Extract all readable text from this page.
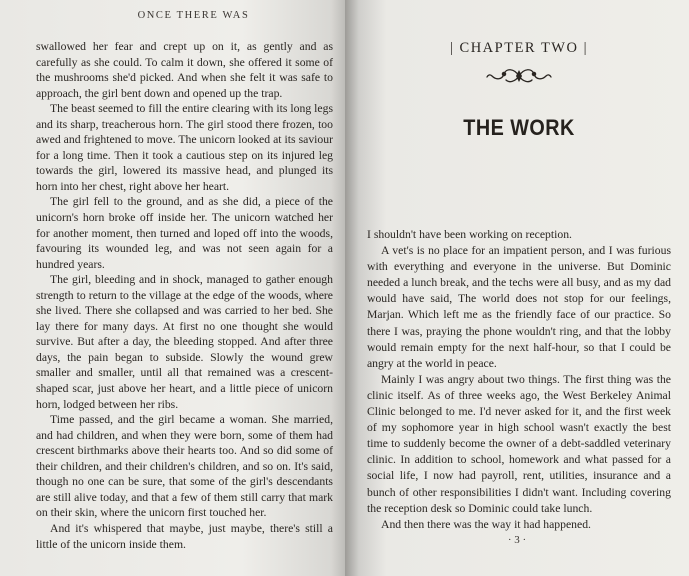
ONCE THERE WAS

swallowed her fear and crept up on it, as gently and as carefully as she could. To calm it down, she offered it some of the mushrooms she'd picked. And when she felt it was safe to approach, the girl bent down and opened up the trap.

The beast seemed to fill the entire clearing with its long legs and its sharp, treacherous horn. The girl stood there frozen, too awed and frightened to move. The unicorn looked at its saviour for a long time. Then it took a cautious step on its injured leg towards the girl, lowered its massive head, and plunged its horn into her chest, right above her heart.

The girl fell to the ground, and as she did, a piece of the unicorn's horn broke off inside her. The unicorn watched her for another moment, then turned and loped off into the woods, favouring its wounded leg, and was not seen again for a hundred years.

The girl, bleeding and in shock, managed to gather enough strength to return to the village at the edge of the woods, where she lived. There she collapsed and was carried to her bed. She lay there for many days. At first no one thought she would survive. But after a day, the bleeding stopped. And after three days, the pain began to subside. Slowly the wound grew smaller and smaller, until all that remained was a crescent-shaped scar, just above her heart, and a little piece of unicorn horn, lodged between her ribs.

Time passed, and the girl became a woman. She married, and had children, and when they were born, some of them had crescent birthmarks above their hearts too. And so did some of their children, and their children's children, and so on. It's said, though no one can be sure, that some of the girl's descendants are still alive today, and that a few of them still carry that mark on their skin, where the unicorn first touched her.

And it's whispered that maybe, just maybe, there's still a little of the unicorn inside them.

| CHAPTER TWO |
THE WORK

I shouldn't have been working on reception.

A vet's is no place for an impatient person, and I was furious with everything and everyone in the universe. But Dominic needed a lunch break, and the techs were all busy, and as my dad would have said, The world does not stop for our feelings, Marjan. Which left me as the friendly face of our practice. So there I was, praying the phone wouldn't ring, and that the lobby would remain empty for the next half-hour, so that I could be angry at the world in peace.

Mainly I was angry about two things. The first thing was the clinic itself. As of three weeks ago, the West Berkeley Animal Clinic belonged to me. I'd never asked for it, and the first week of my sophomore year in high school wasn't exactly the best time to suddenly become the owner of a debt-saddled veterinary clinic. In addition to school, homework and what passed for a social life, I now had payroll, rent, utilities, insurance and a bunch of other responsibilities I didn't want. Including covering the reception desk so Dominic could take lunch.

And then there was the way it had happened.

· 3 ·
